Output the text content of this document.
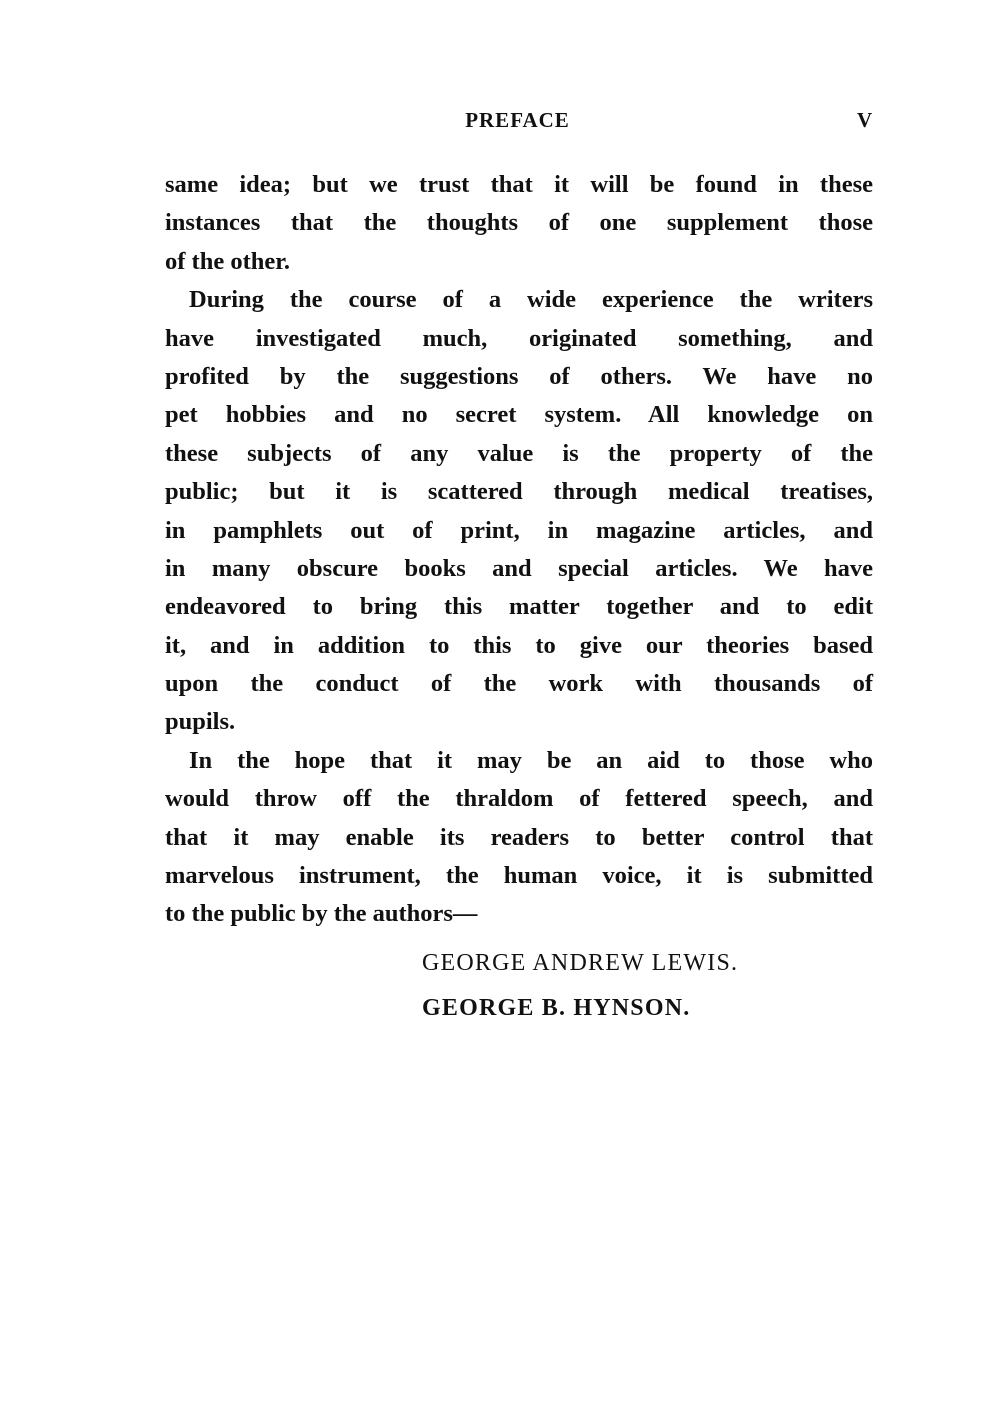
PREFACE	V
same idea; but we trust that it will be found in these
instances that the thoughts of one supplement those
of the other.
During the course of a wide experience the writers
have investigated much, originated something, and
profited by the suggestions of others. We have no
pet hobbies and no secret system. All knowledge on
these subjects of any value is the property of the
public; but it is scattered through medical treatises,
in pamphlets out of print, in magazine articles, and
in many obscure books and special articles. We have
endeavored to bring this matter together and to edit
it, and in addition to this to give our theories based
upon the conduct of the work with thousands of
pupils.
In the hope that it may be an aid to those who
would throw off the thraldom of fettered speech, and
that it may enable its readers to better control that
marvelous instrument, the human voice, it is submitted
to the public by the authors—
GEORGE ANDREW LEWIS.
GEORGE B. HYNSON.
